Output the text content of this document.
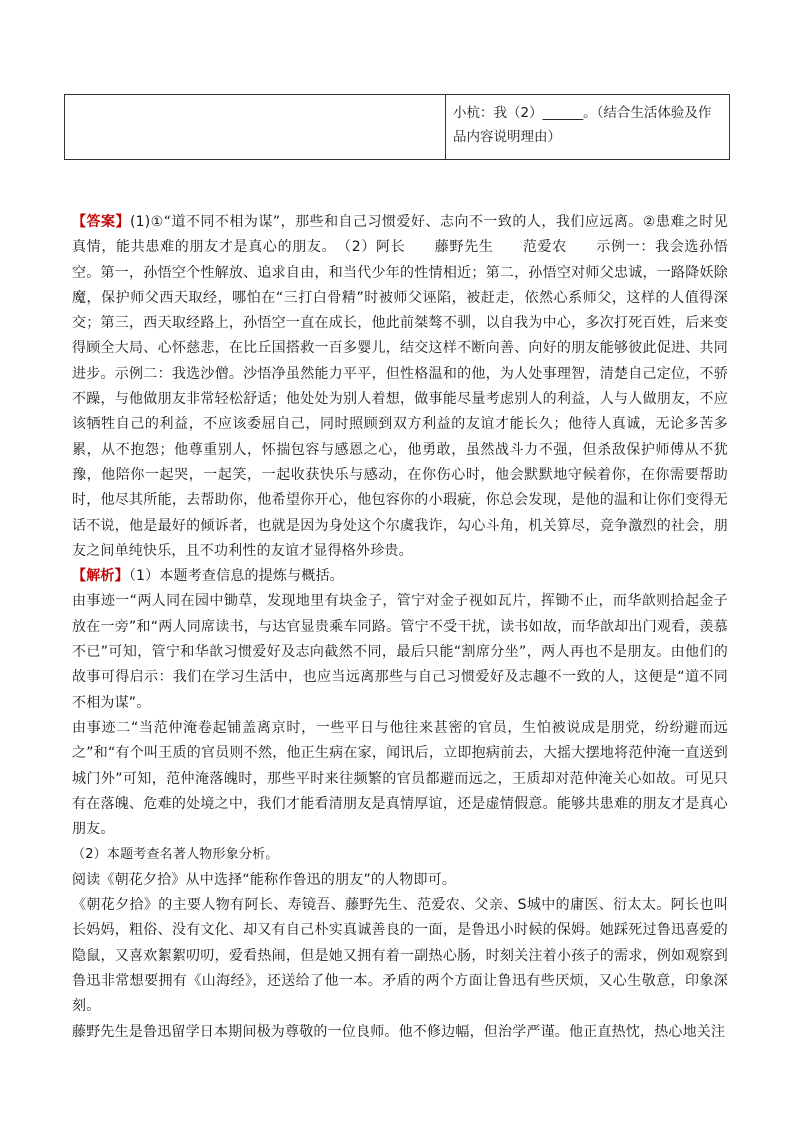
小杭：我（2）______。（结合生活体验及作品内容说明理由）

【答案】(1)①“道不同不相为谋”，那些和自己习惯爱好、志向不一致的人，我们应远离。②患难之时见真情，能共患难的朋友才是真心的朋友。　（2）阿长　　藤野先生　　范爱农　　示例一：我会选孙悟空。第一，孙悟空个性解放、追求自由，和当代少年的性情相近；第二，孙悟空对师父忠诚，一路降妖除魔，保护师父西天取经，哪怕在“三打白骨精”时被师父诬陷，被赶走，依然心系师父，这样的人值得深交；第三，西天取经路上，孙悟空一直在成长，他此前桀骜不驯，以自我为中心，多次打死百姓，后来变得顾全大局、心怀慈悲，在比丘国搭救一百多婴儿，结交这样不断向善、向好的朋友能够彼此促进、共同进步。示例二：我选沙僧。沙悟净虽然能力平平，但性格温和的他，为人处事理智，清楚自己定位，不骄不躁，与他做朋友非常轻松舒适；他处处为别人着想，做事能尽量考虑别人的利益，人与人做朋友，不应该牺牲自己的利益，不应该委屈自己，同时照顾到双方利益的友谊才能长久；他待人真诚，无论多苦多累，从不抱怨；他尊重别人，怀揣包容与感恩之心，他勇敢，虽然战斗力不强，但杀敌保护师傅从不犹豫，他陪你一起哭，一起笑，一起收获快乐与感动，在你伤心时，他会默默地守候着你，在你需要帮助时，他尽其所能，去帮助你，他希望你开心，他包容你的小瑕疵，你总会发现，是他的温和让你们变得无话不说，他是最好的倾诉者，也就是因为身处这个尔虞我诈，勾心斗角，机关算尽，竞争激烈的社会，朋友之间单纯快乐，且不功利性的友谊才显得格外珍贵。

【解析】（1）本题考查信息的提炼与概括。

由事迹一“两人同在园中锄草，发现地里有块金子，管宁对金子视如瓦片，挥锄不止，而华歆则拾起金子放在一旁”和“两人同席读书，与达官显贵乘车同路。管宁不受干扰，读书如故，而华歆却出门观看，羡慕不已”可知，管宁和华歆习惯爱好及志向截然不同，最后只能“割席分坐”，两人再也不是朋友。由他们的故事可得启示：我们在学习生活中，也应当远离那些与自己习惯爱好及志趣不一致的人，这便是“道不同不相为谋”。

由事迹二“当范仲淹卷起铺盖离京时，一些平日与他往来甚密的官员，生怕被说成是朋党，纷纷避而远之”和“有个叫王质的官员则不然，他正生病在家，闻讯后，立即抱病前去，大摇大摆地将范仲淹一直送到城门外”可知，范仲淹落魄时，那些平时来往频繁的官员都避而远之，王质却对范仲淹关心如故。可见只有在落魄、危难的处境之中，我们才能看清朋友是真情厚谊，还是虚情假意。能够共患难的朋友才是真心朋友。

（2）本题考查名著人物形象分析。

阅读《朝花夕拾》从中选择“能称作鲁迅的朋友”的人物即可。

《朝花夕拾》的主要人物有阿长、寿镜吾、藤野先生、范爱农、父亲、S城中的庸医、衍太太。阿长也叫长妈妈，粗俗、没有文化、却又有自己朴实真诚善良的一面，是鲁迅小时候的保姆。她踩死过鲁迅喜爱的隐鼠，又喜欢絮絮叨叨，爱看热闹，但是她又拥有着一副热心肠，时刻关注着小孩子的需求，例如观察到鲁迅非常想要拥有《山海经》，还送给了他一本。矛盾的两个方面让鲁迅有些厌烦，又心生敬意，印象深刻。

藤野先生是鲁迅留学日本期间极为尊敬的一位良师。他不修边幅，但治学严谨。他正直热忱，热心地关注
